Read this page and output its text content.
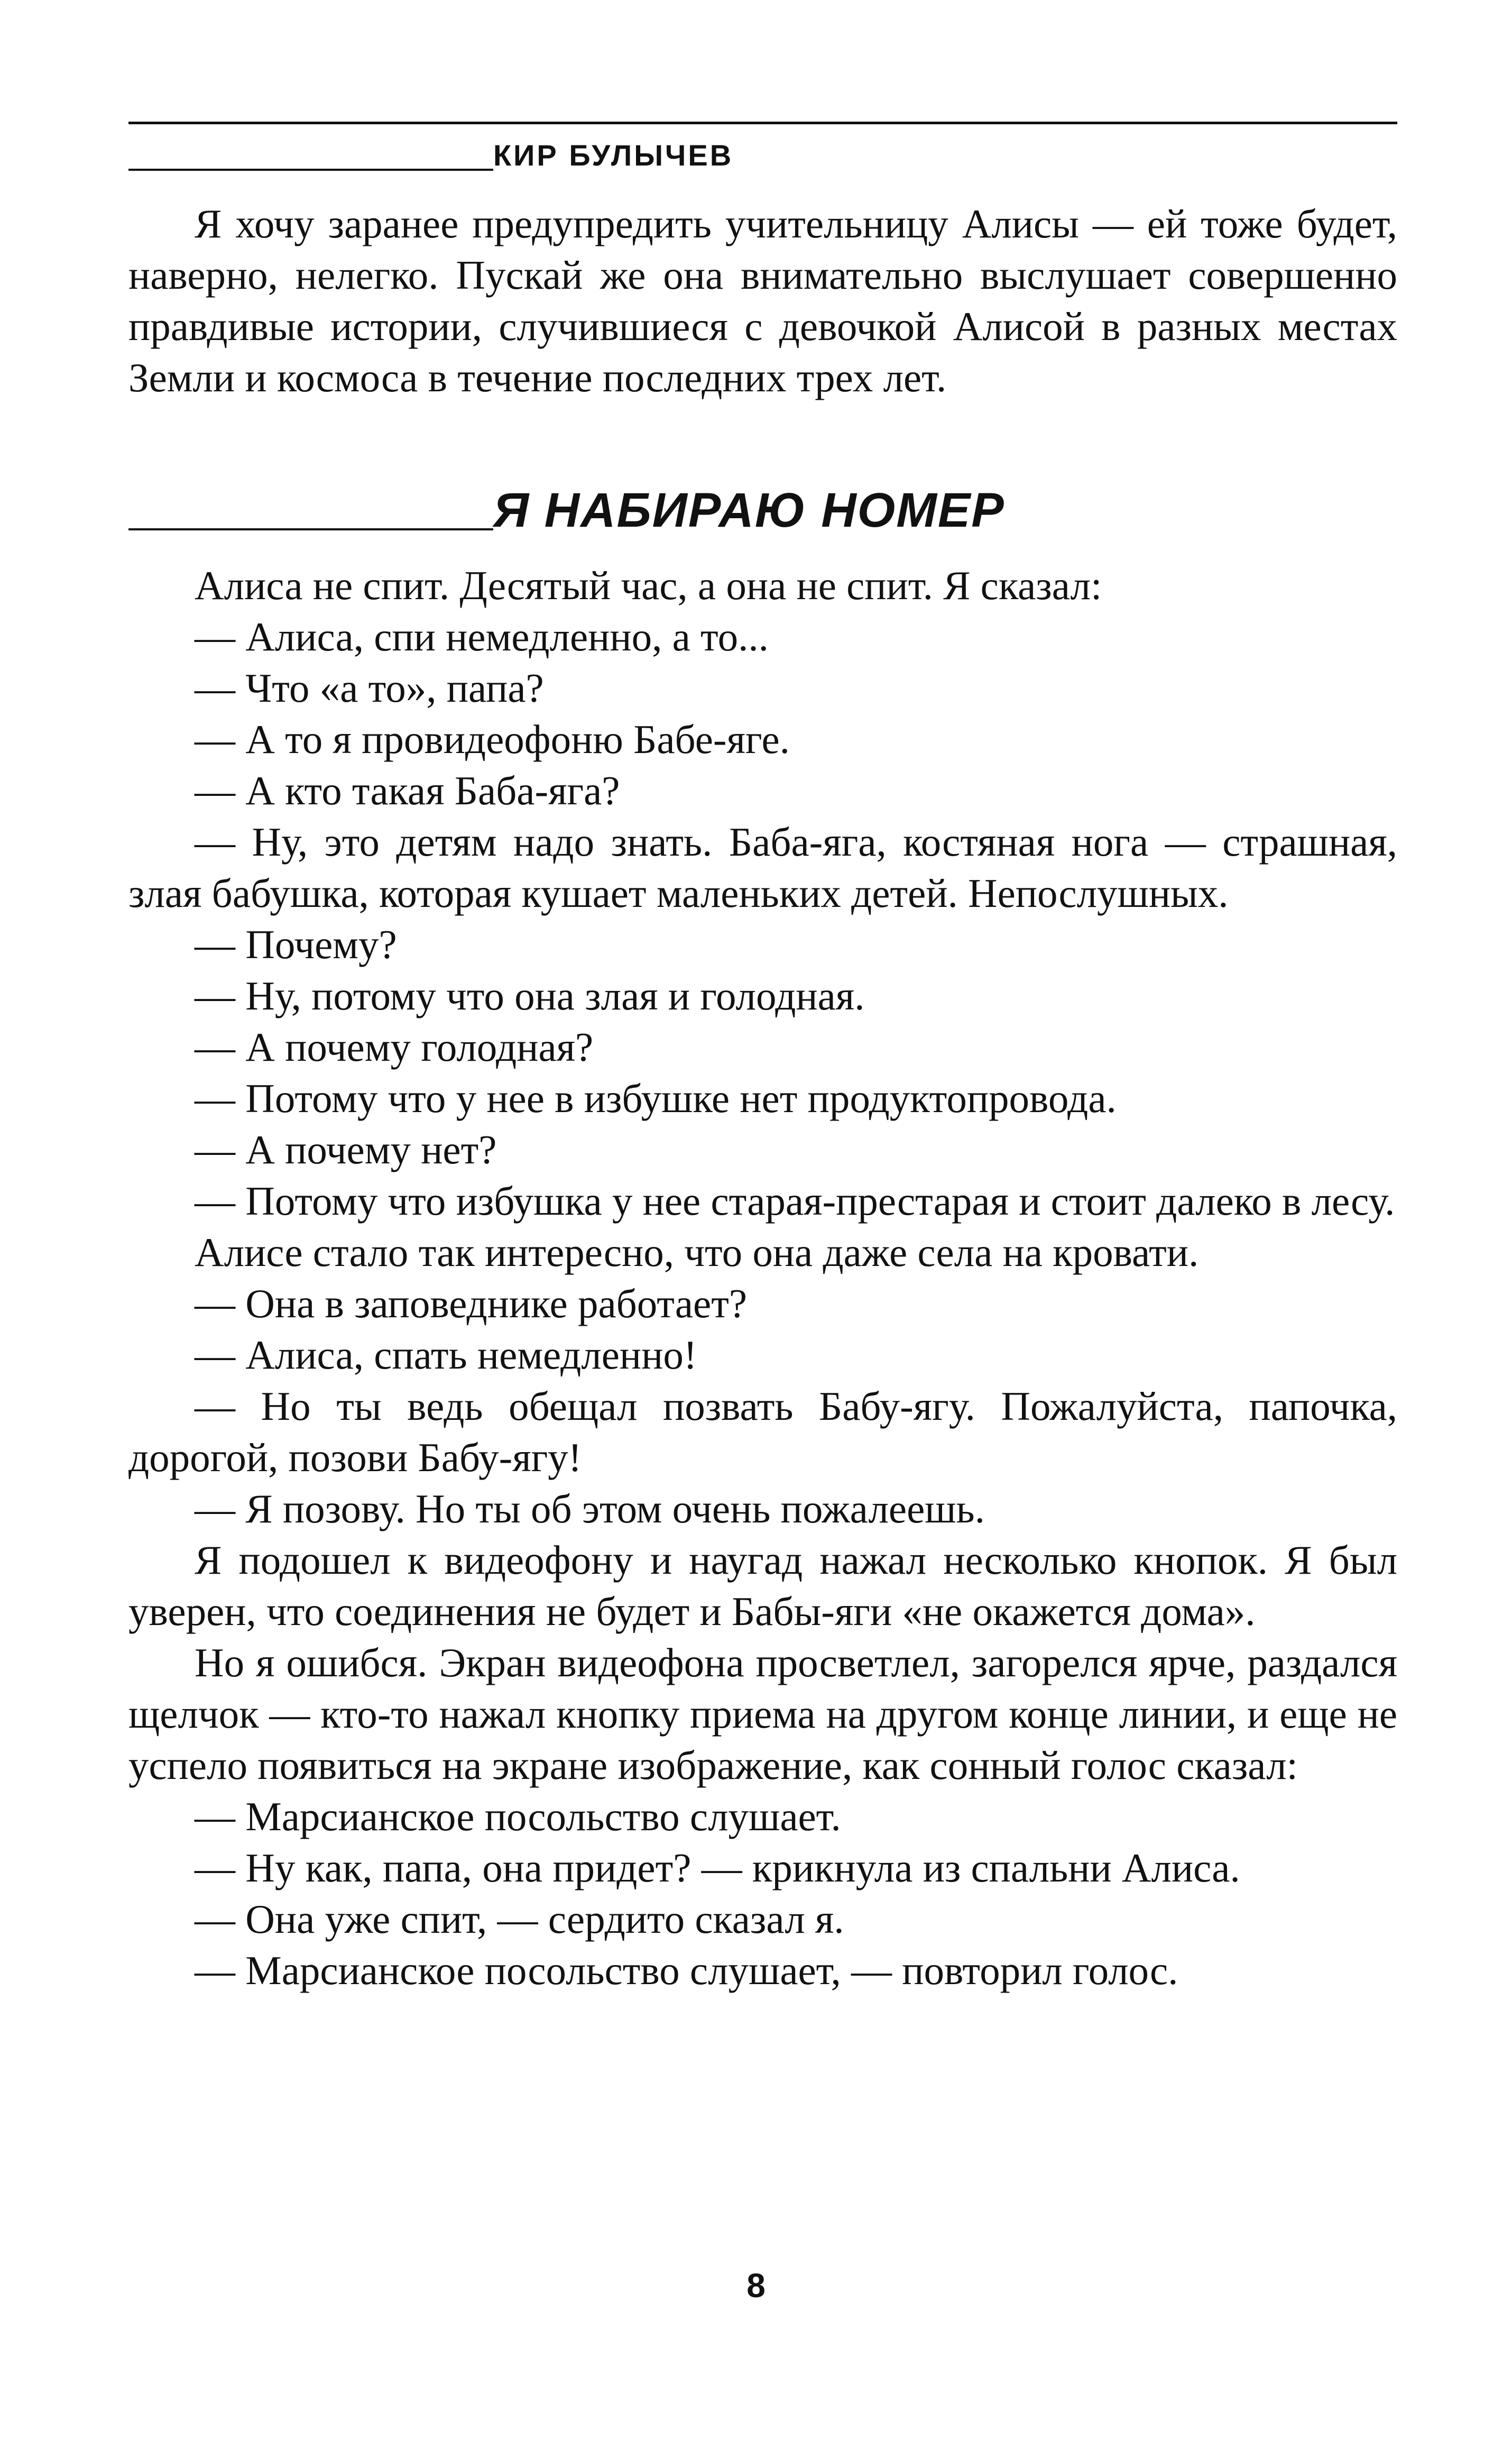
КИР БУЛЫЧЕВ

Я хочу заранее предупредить учительницу Алисы — ей тоже будет, наверно, нелегко. Пускай же она внимательно выслушает совершенно правдивые истории, случившиеся с девочкой Алисой в разных местах Земли и космоса в течение последних трех лет.

Я НАБИРАЮ НОМЕР

Алиса не спит. Десятый час, а она не спит. Я сказал:

— Алиса, спи немедленно, а то...

— Что «а то», папа?

— А то я провидеофоню Бабе-яге.

— А кто такая Баба-яга?

— Ну, это детям надо знать. Баба-яга, костяная нога — страшная, злая бабушка, которая кушает маленьких детей. Непослушных.

— Почему?

— Ну, потому что она злая и голодная.

— А почему голодная?

— Потому что у нее в избушке нет продуктопровода.

— А почему нет?

— Потому что избушка у нее старая-престарая и стоит далеко в лесу.

Алисе стало так интересно, что она даже села на кровати.

— Она в заповеднике работает?

— Алиса, спать немедленно!

— Но ты ведь обещал позвать Бабу-ягу. Пожалуйста, папочка, дорогой, позови Бабу-ягу!

— Я позову. Но ты об этом очень пожалеешь.

Я подошел к видеофону и наугад нажал несколько кнопок. Я был уверен, что соединения не будет и Бабы-яги «не окажется дома».

Но я ошибся. Экран видеофона просветлел, загорелся ярче, раздался щелчок — кто-то нажал кнопку приема на другом конце линии, и еще не успело появиться на экране изображение, как сонный голос сказал:

— Марсианское посольство слушает.

— Ну как, папа, она придет? — крикнула из спальни Алиса.

— Она уже спит, — сердито сказал я.

— Марсианское посольство слушает, — повторил голос.

8
